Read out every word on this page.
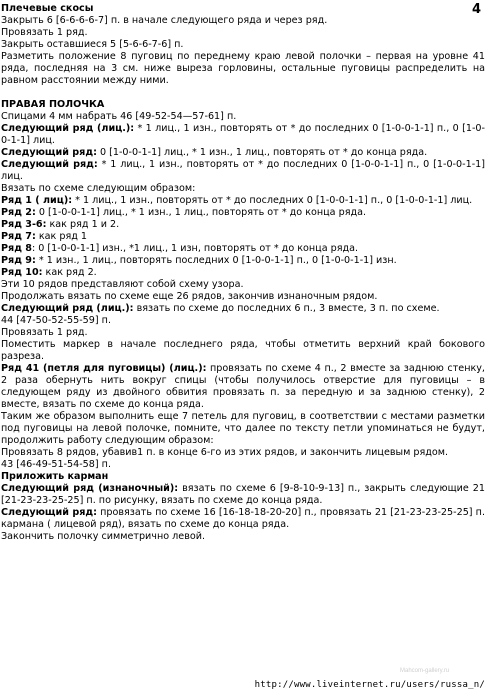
4

Плечевые скосы

Закрыть 6 [6-6-6-6-7] п. в начале следующего ряда и через ряд.

Провязать 1 ряд.

Закрыть оставшиеся 5 [5-6-6-7-6] п.

Разметить положение 8 пуговиц по переднему краю левой полочки – первая на уровне 41 ряда, последняя на 3 см. ниже выреза горловины, остальные пуговицы распределить на равном расстоянии между ними.

ПРАВАЯ ПОЛОЧКА

Спицами 4 мм набрать 46 [49-52-54—57-61] п.

Следующий ряд (лиц.): * 1 лиц., 1 изн., повторять от * до последних 0 [1-0-0-1-1] п., 0 [1-0-0-1-1] лиц.

Следующий ряд: 0 [1-0-0-1-1] лиц., * 1 изн., 1 лиц., повторять от * до конца ряда.

Следующий ряд: * 1 лиц., 1 изн., повторять от * до последних 0 [1-0-0-1-1] п., 0 [1-0-0-1-1] лиц.

Вязать по схеме следующим образом:

Ряд 1 ( лиц): * 1 лиц., 1 изн., повторять от * до последних 0 [1-0-0-1-1] п., 0 [1-0-0-1-1] лиц.

Ряд 2: 0 [1-0-0-1-1] лиц., * 1 изн., 1 лиц., повторять от * до конца ряда.

Ряд 3-6: как ряд 1 и 2.

Ряд 7: как ряд 1

Ряд 8: 0 [1-0-0-1-1] изн., *1 лиц., 1 изн, повторять от * до конца ряда.

Ряд 9: * 1 изн., 1 лиц., повторять последних 0 [1-0-0-1-1] п., 0 [1-0-0-1-1] изн.

Ряд 10: как ряд 2.

Эти 10 рядов представляют собой схему узора.

Продолжать вязать по схеме еще 26 рядов, закончив изнаночным рядом.

Следующий ряд (лиц.): вязать по схеме до последних 6 п., 3 вместе, 3 п. по схеме.

44 [47-50-52-55-59] п.

Провязать 1 ряд.

Поместить маркер в начале последнего ряда, чтобы отметить верхний край бокового разреза.

Ряд 41 (петля для пуговицы) (лиц.): провязать по схеме 4 п., 2 вместе за заднюю стенку, 2 раза обернуть нить вокруг спицы (чтобы получилось отверстие для пуговицы – в следующем ряду из двойного обвития провязать п. за передную и за заднюю стенку), 2 вместе, вязать по схеме до конца ряда.

Таким же образом выполнить еще 7 петель для пуговиц, в соответствии с местами разметки под пуговицы на левой полочке, помните, что далее по тексту петли упоминаться не будут, продолжить работу следующим образом:

Провязать 8 рядов, убавив1 п. в конце 6-го из этих рядов, и закончить лицевым рядом.

43 [46-49-51-54-58] п.

Приложить карман

Следующий ряд (изнаночный): вязать по схеме 6 [9-8-10-9-13] п., закрыть следующие 21 [21-23-23-25-25] п. по рисунку, вязать по схеме до конца ряда.

Следующий ряд: провязать по схеме 16 [16-18-18-20-20] п., провязать 21 [21-23-23-25-25] п. кармана ( лицевой ряд), вязать по схеме до конца ряда.

Закончить полочку симметрично левой.

Mahcom-gallery.ru
http://www.liveinternet.ru/users/russa_n/
